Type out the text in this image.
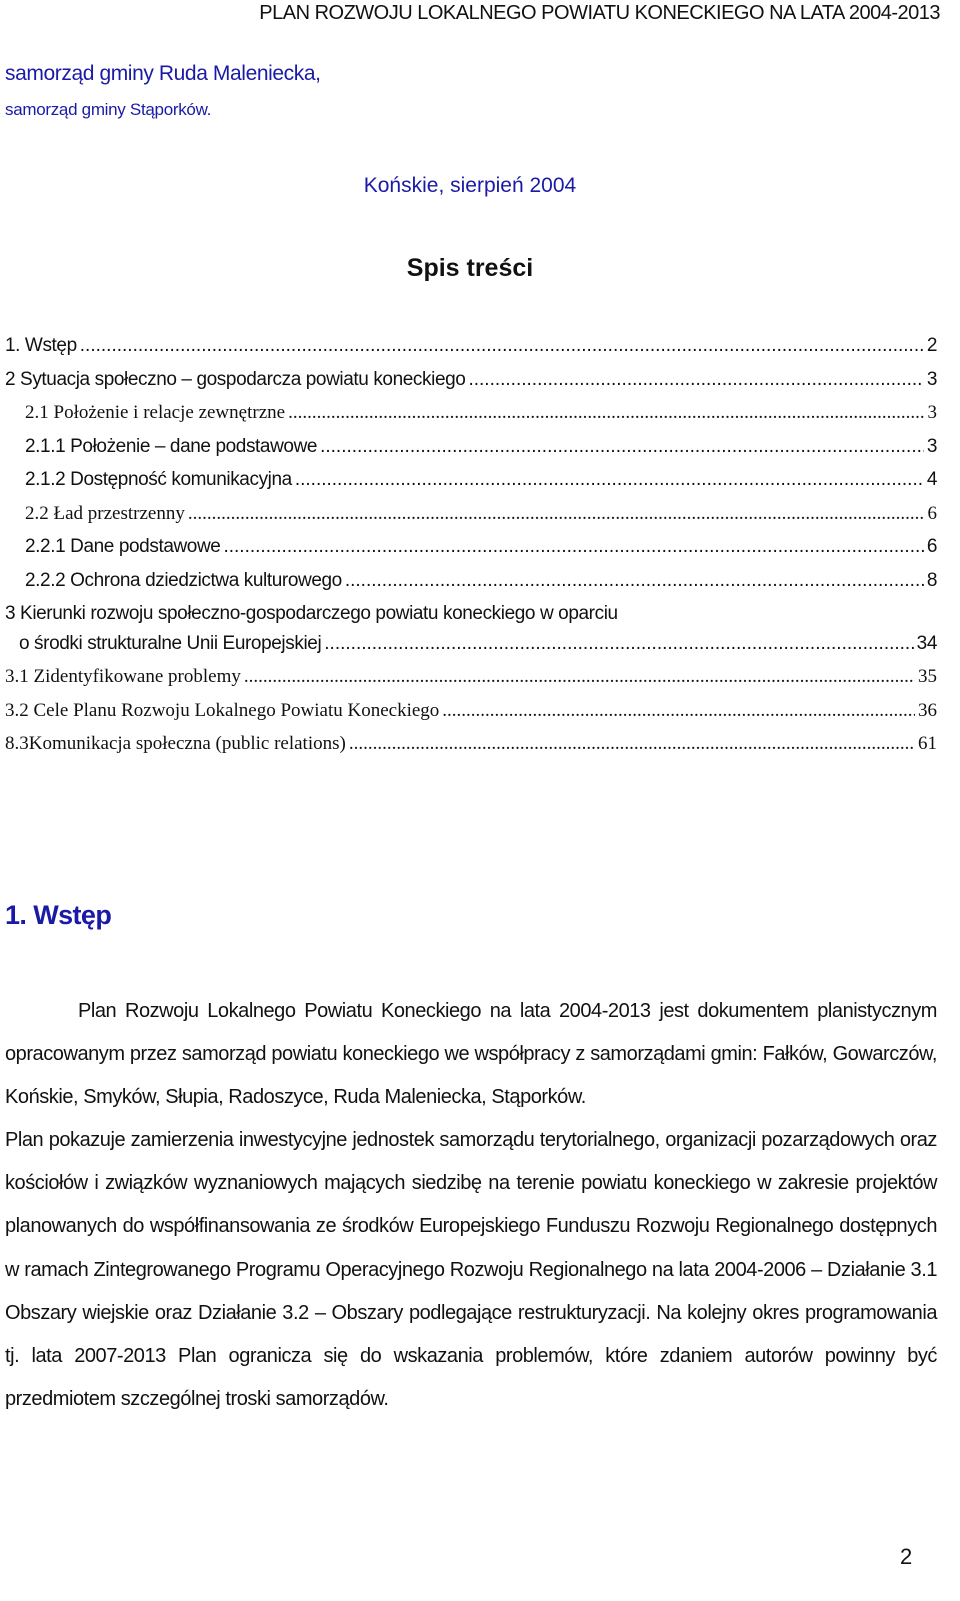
PLAN ROZWOJU LOKALNEGO POWIATU KONECKIEGO NA LATA 2004-2013
samorząd gminy Ruda Maleniecka,
samorząd gminy Stąporków.
Końskie, sierpień 2004
Spis treści
1. Wstęp .....	2
2 Sytuacja społeczno – gospodarcza powiatu koneckiego .....	3
2.1 Położenie i relacje zewnętrzne .....	3
2.1.1 Położenie – dane podstawowe .....	3
2.1.2 Dostępność komunikacyjna .....	4
2.2 Ład przestrzenny .....	6
2.2.1 Dane podstawowe .....	6
2.2.2 Ochrona dziedzictwa kulturowego .....	8
3 Kierunki rozwoju społeczno-gospodarczego powiatu koneckiego w oparciu
o środki strukturalne Unii Europejskiej .....	34
3.1 Zidentyfikowane problemy .....	35
3.2 Cele Planu Rozwoju Lokalnego Powiatu Koneckiego .....	36
8.3Komunikacja społeczna (public relations) .....	61
1. Wstęp

Plan Rozwoju Lokalnego Powiatu Koneckiego na lata 2004-2013 jest dokumentem planistycznym opracowanym przez samorząd powiatu koneckiego we współpracy z samorządami gmin: Fałków, Gowarczów, Końskie, Smyków, Słupia, Radoszyce, Ruda Maleniecka, Stąporków.

Plan pokazuje zamierzenia inwestycyjne jednostek samorządu terytorialnego, organizacji pozarządowych oraz kościołów i związków wyznaniowych mających siedzibę na terenie powiatu koneckiego w zakresie projektów planowanych do współfinansowania ze środków Europejskiego Funduszu Rozwoju Regionalnego dostępnych w ramach Zintegrowanego Programu Operacyjnego Rozwoju Regionalnego na lata 2004-2006 – Działanie 3.1 Obszary wiejskie oraz Działanie 3.2 – Obszary podlegające restrukturyzacji. Na kolejny okres programowania tj. lata 2007-2013 Plan ogranicza się do wskazania problemów, które zdaniem autorów powinny być przedmiotem szczególnej troski samorządów.

2
